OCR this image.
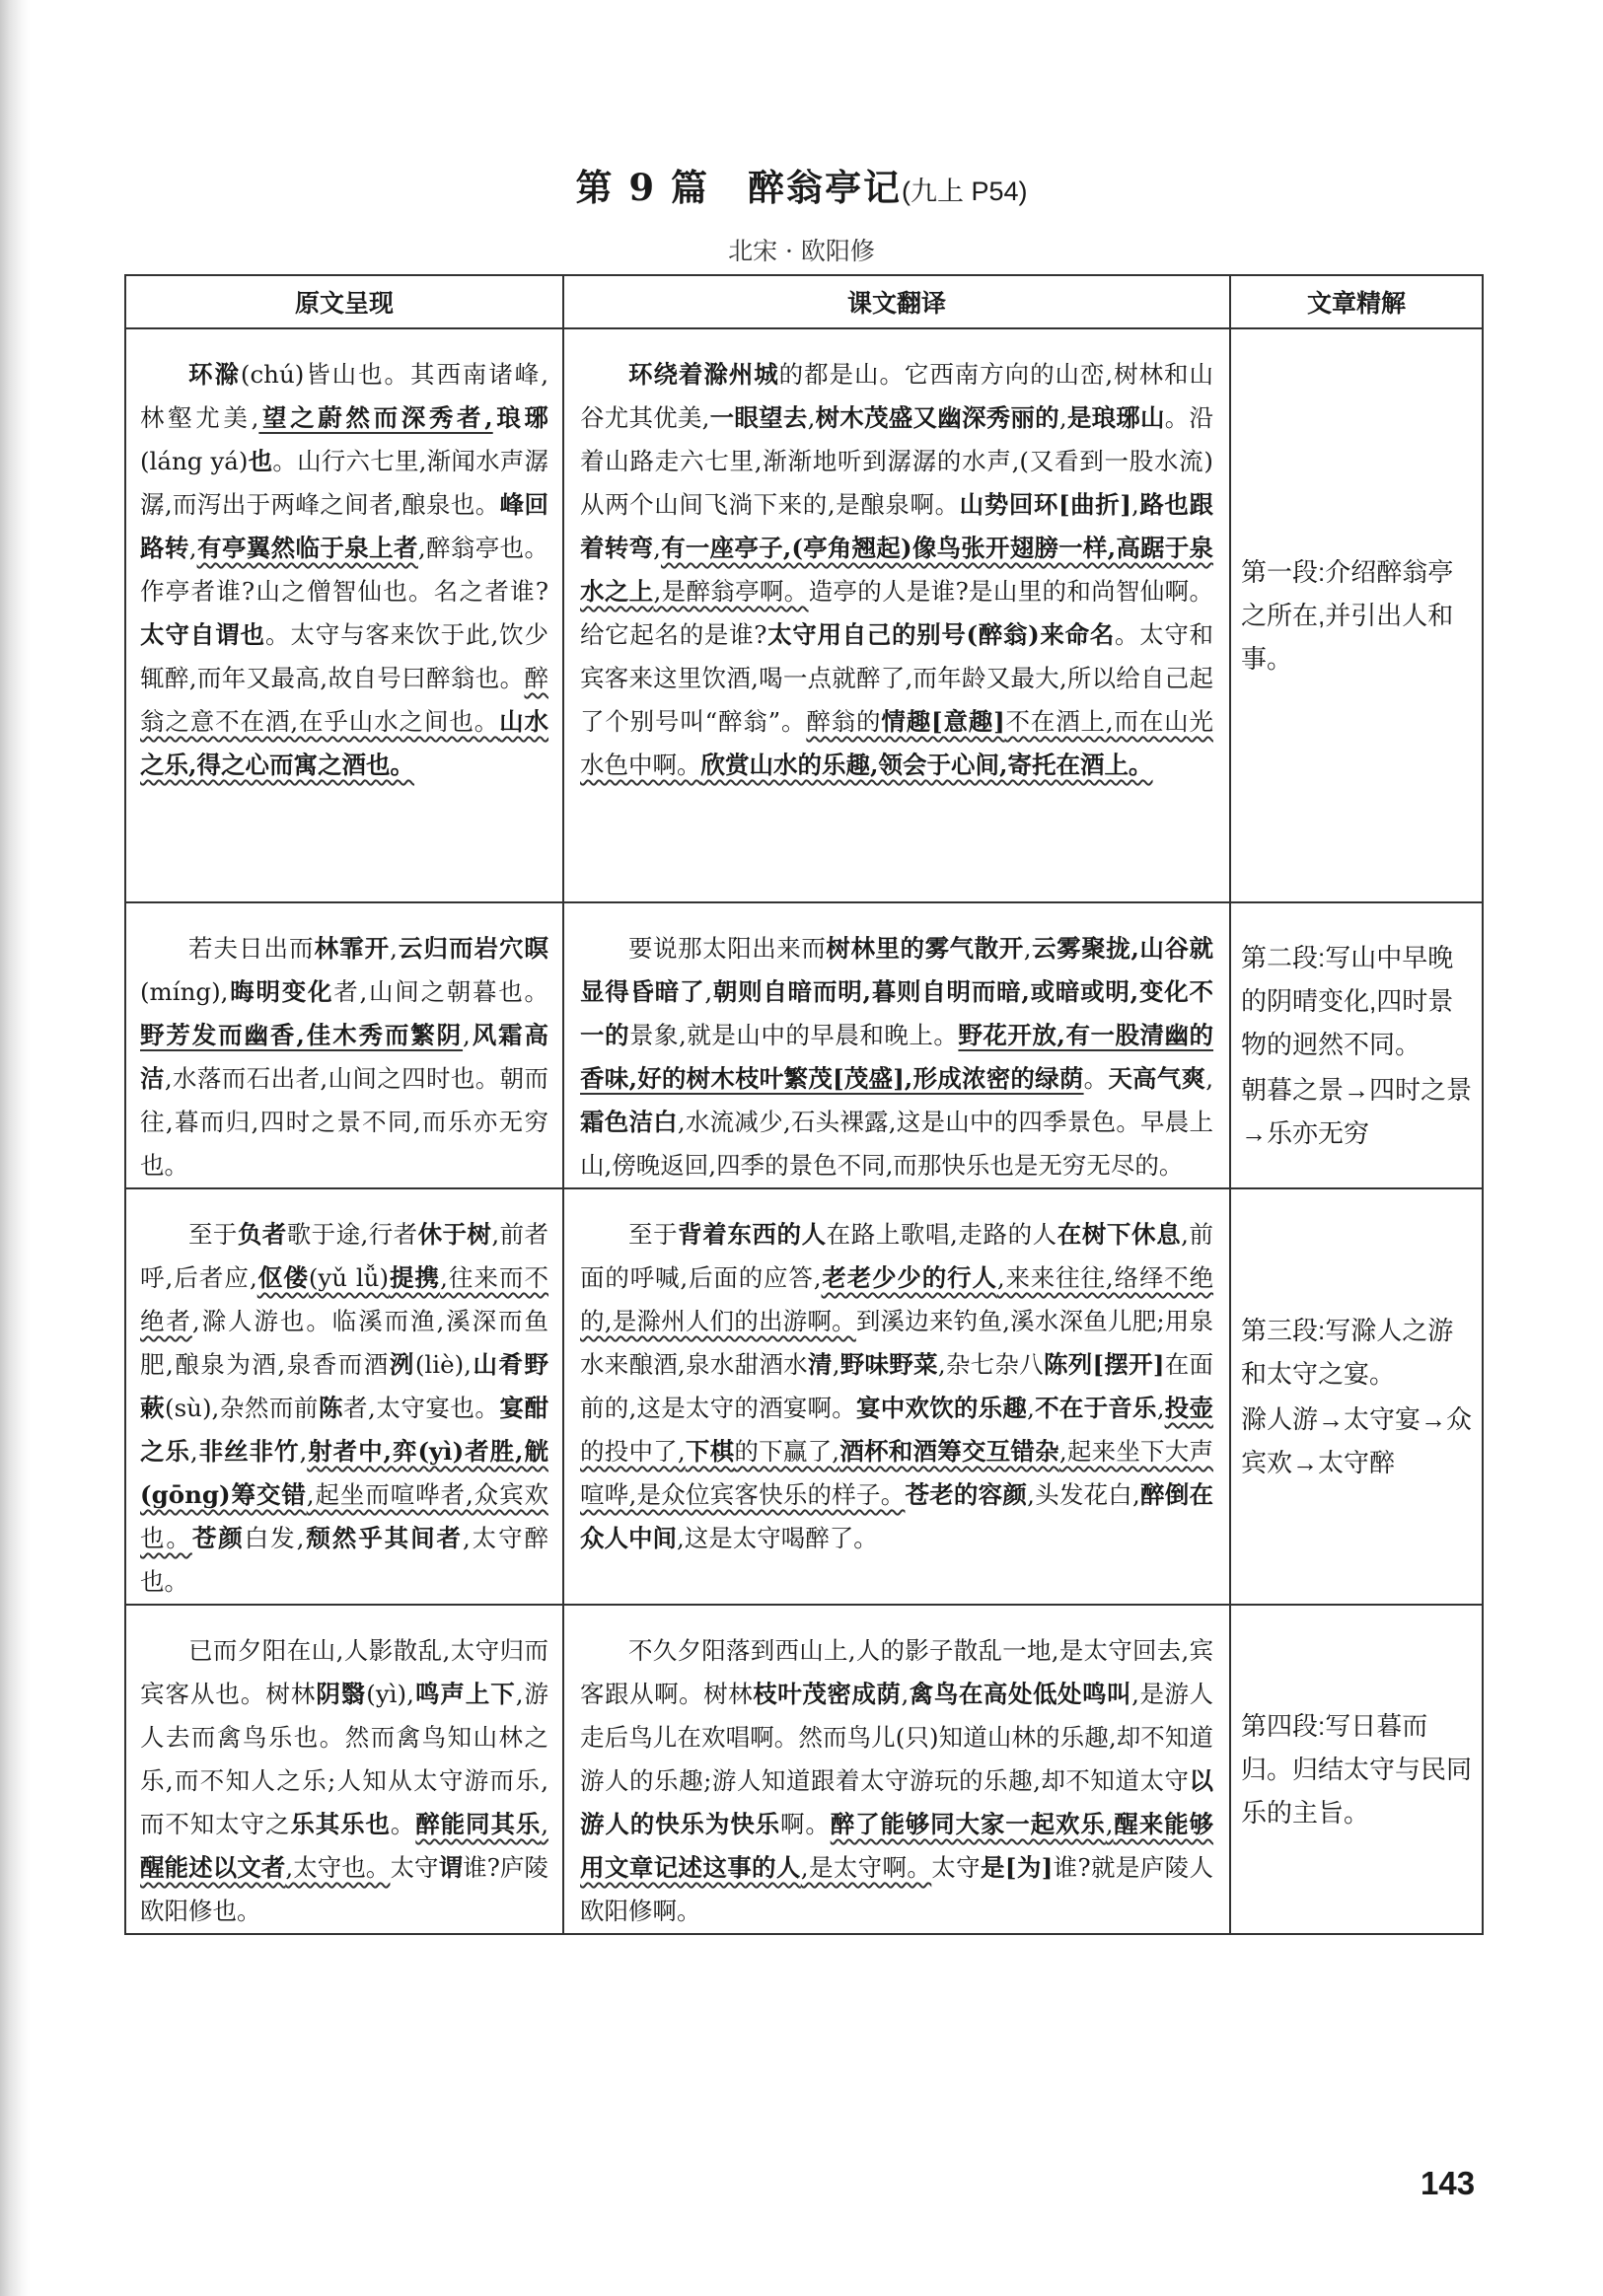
第 9 篇　醉翁亭记(九上 P54)
北宋 · 欧阳修
原文呈现	课文翻译	文章精解

环滁(chú)皆山也。其西南诸峰,林壑尤美,望之蔚然而深秀者,琅琊(láng yá)也。山行六七里,渐闻水声潺潺,而泻出于两峰之间者,酿泉也。峰回路转,有亭翼然临于泉上者,醉翁亭也。作亭者谁?山之僧智仙也。名之者谁?太守自谓也。太守与客来饮于此,饮少辄醉,而年又最高,故自号曰醉翁也。醉翁之意不在酒,在乎山水之间也。山水之乐,得之心而寓之酒也。	环绕着滁州城的都是山。它西南方向的山峦,树林和山谷尤其优美,一眼望去,树木茂盛又幽深秀丽的,是琅琊山。沿着山路走六七里,渐渐地听到潺潺的水声,(又看到一股水流)从两个山间飞淌下来的,是酿泉啊。山势回环[曲折],路也跟着转弯,有一座亭子,(亭角翘起)像鸟张开翅膀一样,高踞于泉水之上,是醉翁亭啊。造亭的人是谁?是山里的和尚智仙啊。给它起名的是谁?太守用自己的别号(醉翁)来命名。太守和宾客来这里饮酒,喝一点就醉了,而年龄又最大,所以给自己起了个别号叫“醉翁”。醉翁的情趣[意趣]不在酒上,而在山光水色中啊。欣赏山水的乐趣,领会于心间,寄托在酒上。	第一段:介绍醉翁亭之所在,并引出人和事。

若夫日出而林霏开,云归而岩穴暝(míng),晦明变化者,山间之朝暮也。野芳发而幽香,佳木秀而繁阴,风霜高洁,水落而石出者,山间之四时也。朝而往,暮而归,四时之景不同,而乐亦无穷也。	要说那太阳出来而树林里的雾气散开,云雾聚拢,山谷就显得昏暗了,朝则自暗而明,暮则自明而暗,或暗或明,变化不一的景象,就是山中的早晨和晚上。野花开放,有一股清幽的香味,好的树木枝叶繁茂[茂盛],形成浓密的绿荫。天高气爽,霜色洁白,水流减少,石头裸露,这是山中的四季景色。早晨上山,傍晚返回,四季的景色不同,而那快乐也是无穷无尽的。	第二段:写山中早晚的阴晴变化,四时景物的迥然不同。
朝暮之景→四时之景→乐亦无穷

至于负者歌于途,行者休于树,前者呼,后者应,伛偻(yǔ lǚ)提携,往来而不绝者,滁人游也。临溪而渔,溪深而鱼肥,酿泉为酒,泉香而酒洌(liè),山肴野蔌(sù),杂然而前陈者,太守宴也。宴酣之乐,非丝非竹,射者中,弈(yì)者胜,觥(gōng)筹交错,起坐而喧哗者,众宾欢也。苍颜白发,颓然乎其间者,太守醉也。	至于背着东西的人在路上歌唱,走路的人在树下休息,前面的呼喊,后面的应答,老老少少的行人,来来往往,络绎不绝的,是滁州人们的出游啊。到溪边来钓鱼,溪水深鱼儿肥;用泉水来酿酒,泉水甜酒水清,野味野菜,杂七杂八陈列[摆开]在面前的,这是太守的酒宴啊。宴中欢饮的乐趣,不在于音乐,投壶的投中了,下棋的下赢了,酒杯和酒筹交互错杂,起来坐下大声喧哗,是众位宾客快乐的样子。苍老的容颜,头发花白,醉倒在众人中间,这是太守喝醉了。	第三段:写滁人之游和太守之宴。
滁人游→太守宴→众宾欢→太守醉

已而夕阳在山,人影散乱,太守归而宾客从也。树林阴翳(yì),鸣声上下,游人去而禽鸟乐也。然而禽鸟知山林之乐,而不知人之乐;人知从太守游而乐,而不知太守之乐其乐也。醉能同其乐,醒能述以文者,太守也。太守谓谁?庐陵欧阳修也。	不久夕阳落到西山上,人的影子散乱一地,是太守回去,宾客跟从啊。树林枝叶茂密成荫,禽鸟在高处低处鸣叫,是游人走后鸟儿在欢唱啊。然而鸟儿(只)知道山林的乐趣,却不知道游人的乐趣;游人知道跟着太守游玩的乐趣,却不知道太守以游人的快乐为快乐啊。醉了能够同大家一起欢乐,醒来能够用文章记述这事的人,是太守啊。太守是[为]谁?就是庐陵人欧阳修啊。	第四段:写日暮而归。归结太守与民同乐的主旨。
143
